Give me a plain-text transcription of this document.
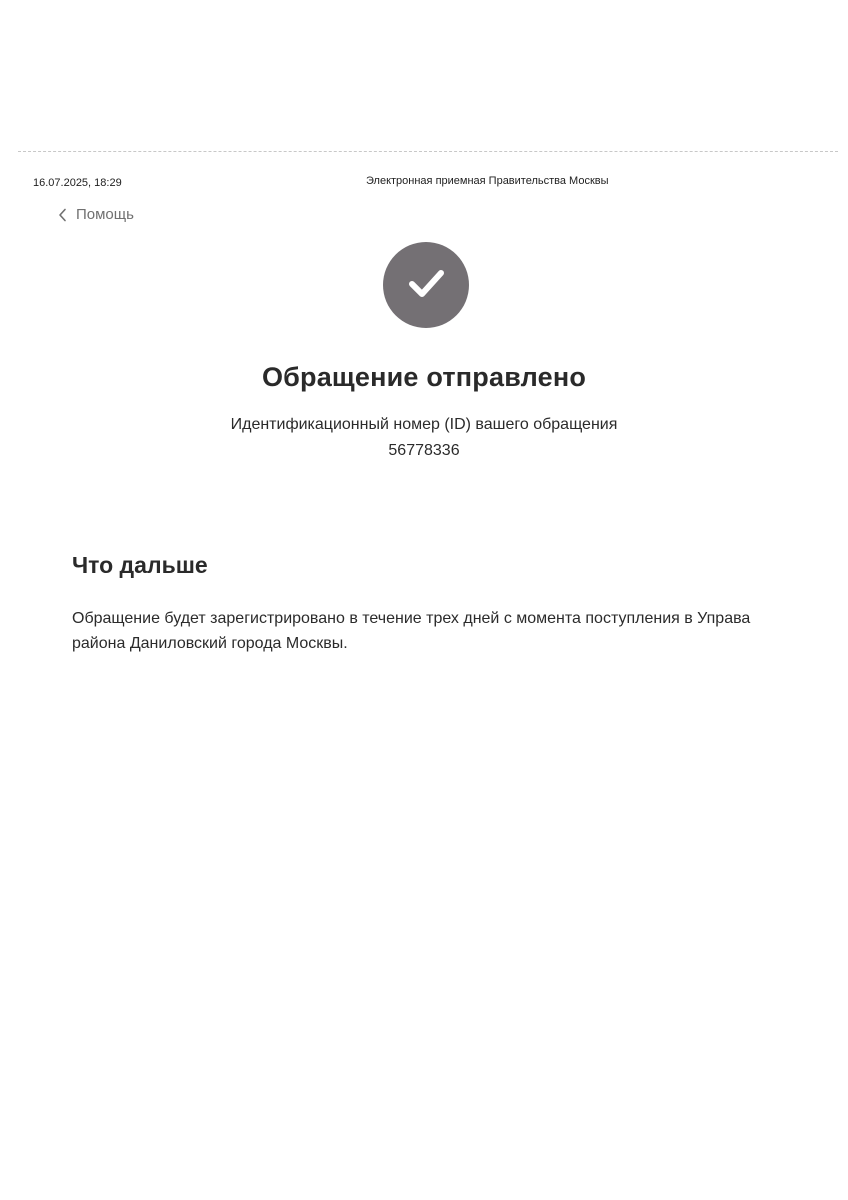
16.07.2025, 18:29	Электронная приемная Правительства Москвы
Помощь
Обращение отправлено
Идентификационный номер (ID) вашего обращения
56778336
Что дальше
Обращение будет зарегистрировано в течение трех дней с момента поступления в Управа района Даниловский города Москвы.
